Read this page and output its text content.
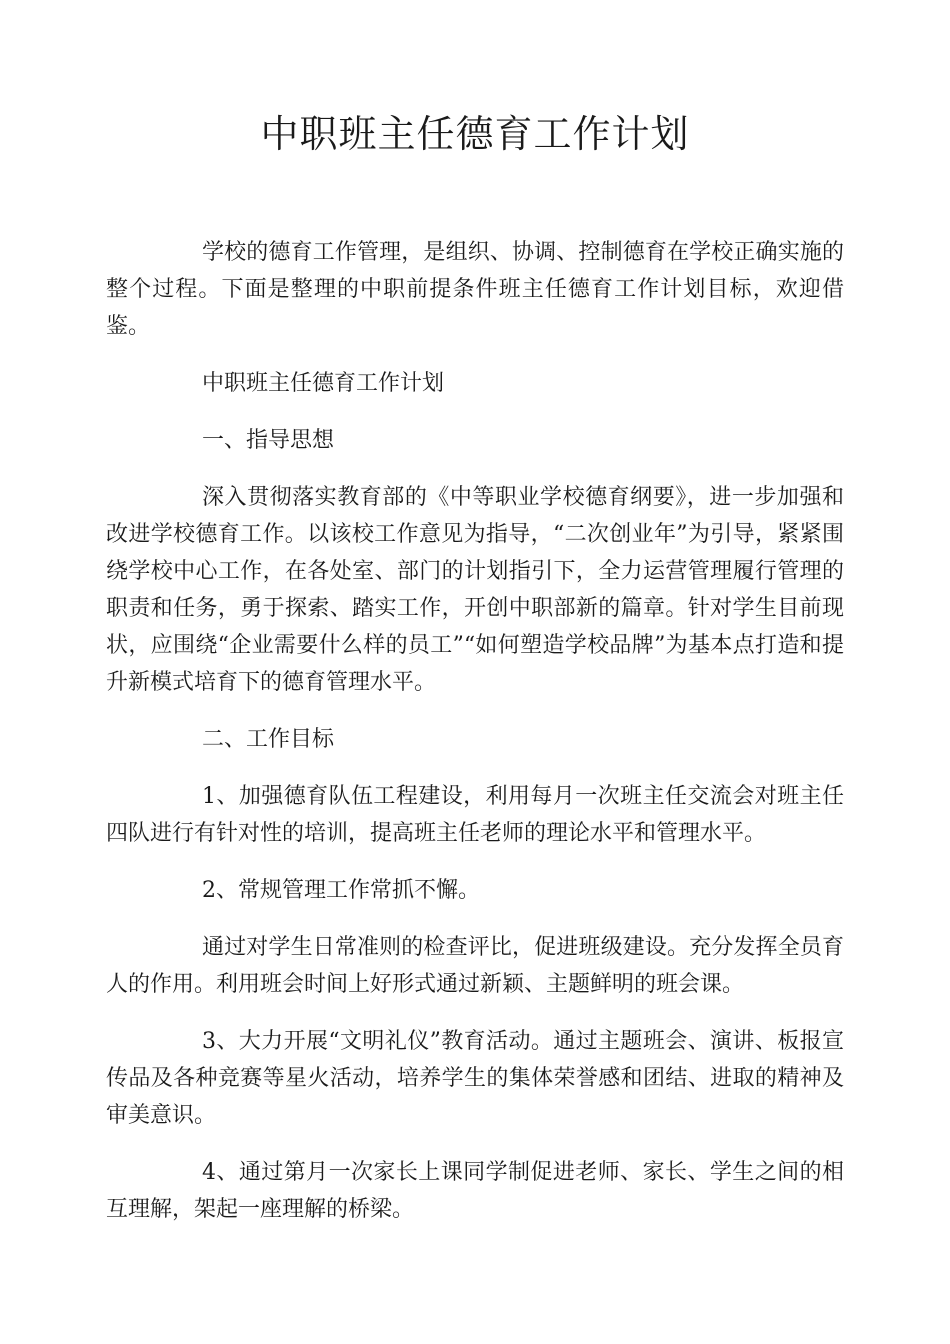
中职班主任德育工作计划

学校的德育工作管理，是组织、协调、控制德育在学校正确实施的整个过程。下面是整理的中职前提条件班主任德育工作计划目标，欢迎借鉴。

中职班主任德育工作计划

一、指导思想

深入贯彻落实教育部的《中等职业学校德育纲要》，进一步加强和改进学校德育工作。以该校工作意见为指导，“二次创业年”为引导，紧紧围绕学校中心工作，在各处室、部门的计划指引下，全力运营管理履行管理的职责和任务，勇于探索、踏实工作，开创中职部新的篇章。针对学生目前现状，应围绕“企业需要什么样的员工”“如何塑造学校品牌”为基本点打造和提升新模式培育下的德育管理水平。

二、工作目标

1、加强德育队伍工程建设，利用每月一次班主任交流会对班主任四队进行有针对性的培训，提高班主任老师的理论水平和管理水平。

2、常规管理工作常抓不懈。

通过对学生日常准则的检查评比，促进班级建设。充分发挥全员育人的作用。利用班会时间上好形式通过新颖、主题鲜明的班会课。

3、大力开展“文明礼仪”教育活动。通过主题班会、演讲、板报宣传品及各种竞赛等星火活动，培养学生的集体荣誉感和团结、进取的精神及审美意识。

4、通过第月一次家长上课同学制促进老师、家长、学生之间的相互理解，架起一座理解的桥梁。
